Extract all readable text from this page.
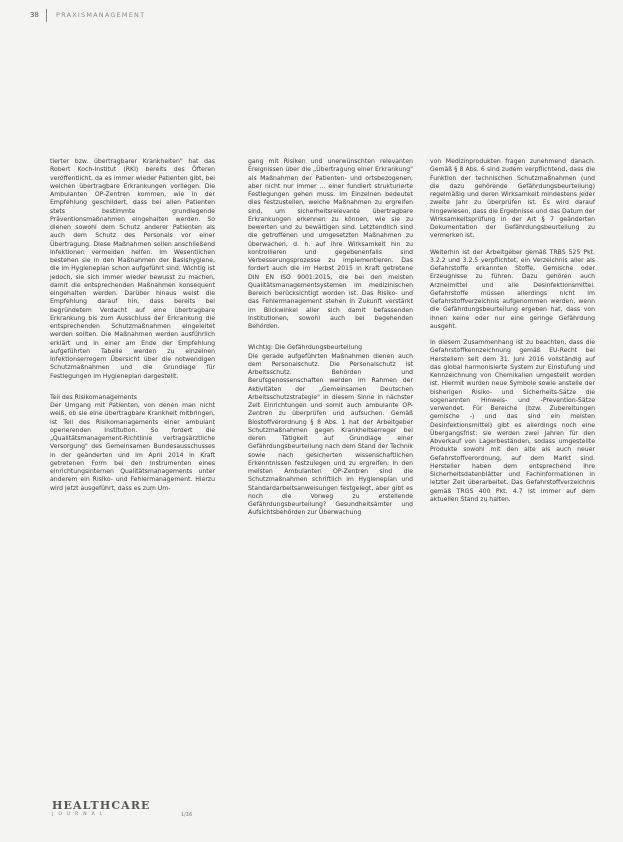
38	PRAXISMANAGEMENT

tierter bzw. übertragbarer Krankheiten" hat das Robert Koch-Institut (RKI) bereits des Öfteren veröffentlicht, da es immer wieder Patienten gibt, bei welchen übertragbare Erkrankungen vorliegen. Die Ambulanten OP-Zentren kommen, wie in der Empfehlung geschildert, dass bei allen Patienten stets bestimmte grundlegende Präventionsmaßnahmen eingehalten werden. So dienen sowohl dem Schutz anderer Patienten als auch dem Schutz des Personals vor einer Übertragung. Diese Maßnahmen sollen anschließend Infektionen vermeiden helfen. Im Wesentlichen bestehen sie in den Maßnahmen der Basishygiene, die im Hygieneplan schon aufgeführt sind. Wichtig ist jedoch, sie sich immer wieder bewusst zu machen, damit die entsprechenden Maßnahmen konsequent eingehalten werden. Darüber hinaus weist die Empfehlung darauf hin, dass bereits bei begründetem Verdacht auf eine übertragbare Erkrankung bis zum Ausschluss der Erkrankung die entsprechenden Schutzmaßnahmen eingeleitet werden sollten. Die Maßnahmen werden ausführlich erklärt und in einer am Ende der Empfehlung aufgeführten Tabelle werden zu einzelnen Infektionserregern Übersicht über die notwendigen Schutzmaßnahmen und die Grundlage für Festlegungen im Hygieneplan dargestellt.

Teil des Risikomanagements

Der Umgang mit Patienten, von denen man nicht weiß, ob sie eine übertragbare Krankheit mitbringen, ist Teil des Risikomanagements einer ambulant operierenden Institution. So fordert die „Qualitätsmanagement-Richtlinie vertragsärztliche Versorgung" des Gemeinsamen Bundesausschusses in der geänderten und im April 2014 in Kraft getretenen Form bei den Instrumenten eines einrichtungsinternen Qualitätsmanagements unter anderem ein Risiko- und Fehlermanagement. Hierzu wird jetzt ausgeführt, dass es zum Um-

gang mit Risiken und unerwünschten relevanten Ereignissen über die „Übertragung einer Erkrankung" als Maßnahmen der Patienten- und ortsbezogenen, aber nicht nur immer ... einer fundiert strukturierte Festlegungen gehen muss. Im Einzelnen bedeutet dies festzustellen, welche Maßnahmen zu ergreifen sind, um sicherheitsrelevante übertragbare Erkrankungen erkennen zu können, wie sie zu bewerten und zu bewältigen sind. Letztendlich sind die getroffenen und umgesetzten Maßnahmen zu überwachen, d. h. auf ihre Wirksamkeit hin zu kontrollieren und gegebenenfalls sind Verbesserungsprozesse zu implementieren. Das fordert auch die im Herbst 2015 in Kraft getretene DIN EN ISO 9001:2015, die bei den meisten Qualitätsmanagementsystemen im medizinischen Bereich berücksichtigt worden ist. Das Risiko- und das Fehlermanagement stehen in Zukunft verstärkt im Blickwinkel aller sich damit befassenden Institutionen, sowohl auch bei begehenden Behörden.

Wichtig: Die Gefährdungsbeurteilung

Die gerade aufgeführten Maßnahmen dienen auch dem Personalschutz. Die Personalschutz ist Arbeitsschutz. Behörden und Berufsgenossenschaften werden im Rahmen der Aktivitäten der „Gemeinsamen Deutschen Arbeitsschutzstrategie" in diesem Sinne in nächster Zeit Einrichtungen und somit auch ambulante OP-Zentren zu überprüfen und aufsuchen. Gemäß Biostoffverordnung § 8 Abs. 1 hat der Arbeitgeber Schutzmaßnahmen gegen Krankheitserreger bei deren Tätigkeit auf Grundlage einer Gefährdungsbeurteilung nach dem Stand der Technik sowie nach gesicherten wissenschaftlichen Erkenntnissen festzulegen und zu ergreifen. In den meisten Ambulanten OP-Zentren sind die Schutzmaßnahmen schriftlich im Hygieneplan und Standardarbeitsanweisungen festgelegt, aber gibt es noch die Vorweg zu erstellende Gefährdungsbeurteilung? Gesundheitsämter und Aufsichtsbehörden zur Überwachung

von Medizinprodukten fragen zunehmend danach. Gemäß § 8 Abs. 6 sind zudem verpflichtend, dass die Funktion der technischen Schutzmaßnahmen (und die dazu gehörende Gefährdungsbeurteilung) regelmäßig und deren Wirksamkeit mindestens jeder zweite Jahr zu überprüfen ist. Es wird darauf hingewiesen, dass die Ergebnisse und das Datum der Wirksamkeitsprüfung in der Art § 7 geänderten Dokumentation der Gefährdungsbeurteilung zu vermerken ist.

Weiterhin ist der Arbeitgeber gemäß TRBS 525 Pkt. 3.2.2 und 3.2.5 verpflichtet, ein Verzeichnis aller als Gefahrstoffe erkannten Stoffe, Gemische oder Erzeugnisse zu führen. Dazu gehören auch Arzneimittel und alle Desinfektionsmittel. Gefahrstoffe müssen allerdings nicht im Gefahrstoffverzeichnis aufgenommen werden, wenn die Gefährdungsbeurteilung ergeben hat, dass von ihnen keine oder nur eine geringe Gefährdung ausgeht.

In diesem Zusammenhang ist zu beachten, dass die Gefahrstoffkennzeichnung gemäß EU-Recht bei Herstellern seit dem 31. Juni 2016 vollständig auf das global harmonisierte System zur Einstufung und Kennzeichnung von Chemikalien umgestellt worden ist. Hiermit wurden neue Symbole sowie anstelle der bisherigen Risiko- und Sicherheits-Sätze die sogenannten Hinweis- und -Prevention-Sätze verwendet. Für Bereiche (bzw. Zubereitungen gemische -) und das sind ein meisten Desinfektionsmittel) gibt es allerdings noch eine Übergangsfrist: sie werden zwei Jahren für den Abverkauf von Lagerbeständen, sodass umgestellte Produkte sowohl mit den alte als auch neuer Gefahrstoffverordnung, auf dem Markt sind. Hersteller haben dem entsprechend ihre Sicherheitsdatenblätter und Fachinformationen in letzter Zeit überarbeitet. Das Gefahrstoffverzeichnis gemäß TRGS 400 Pkt. 4.7 ist immer auf dem aktuellen Stand zu halten.

HEALTHCARE
JOURNAL	1/16
